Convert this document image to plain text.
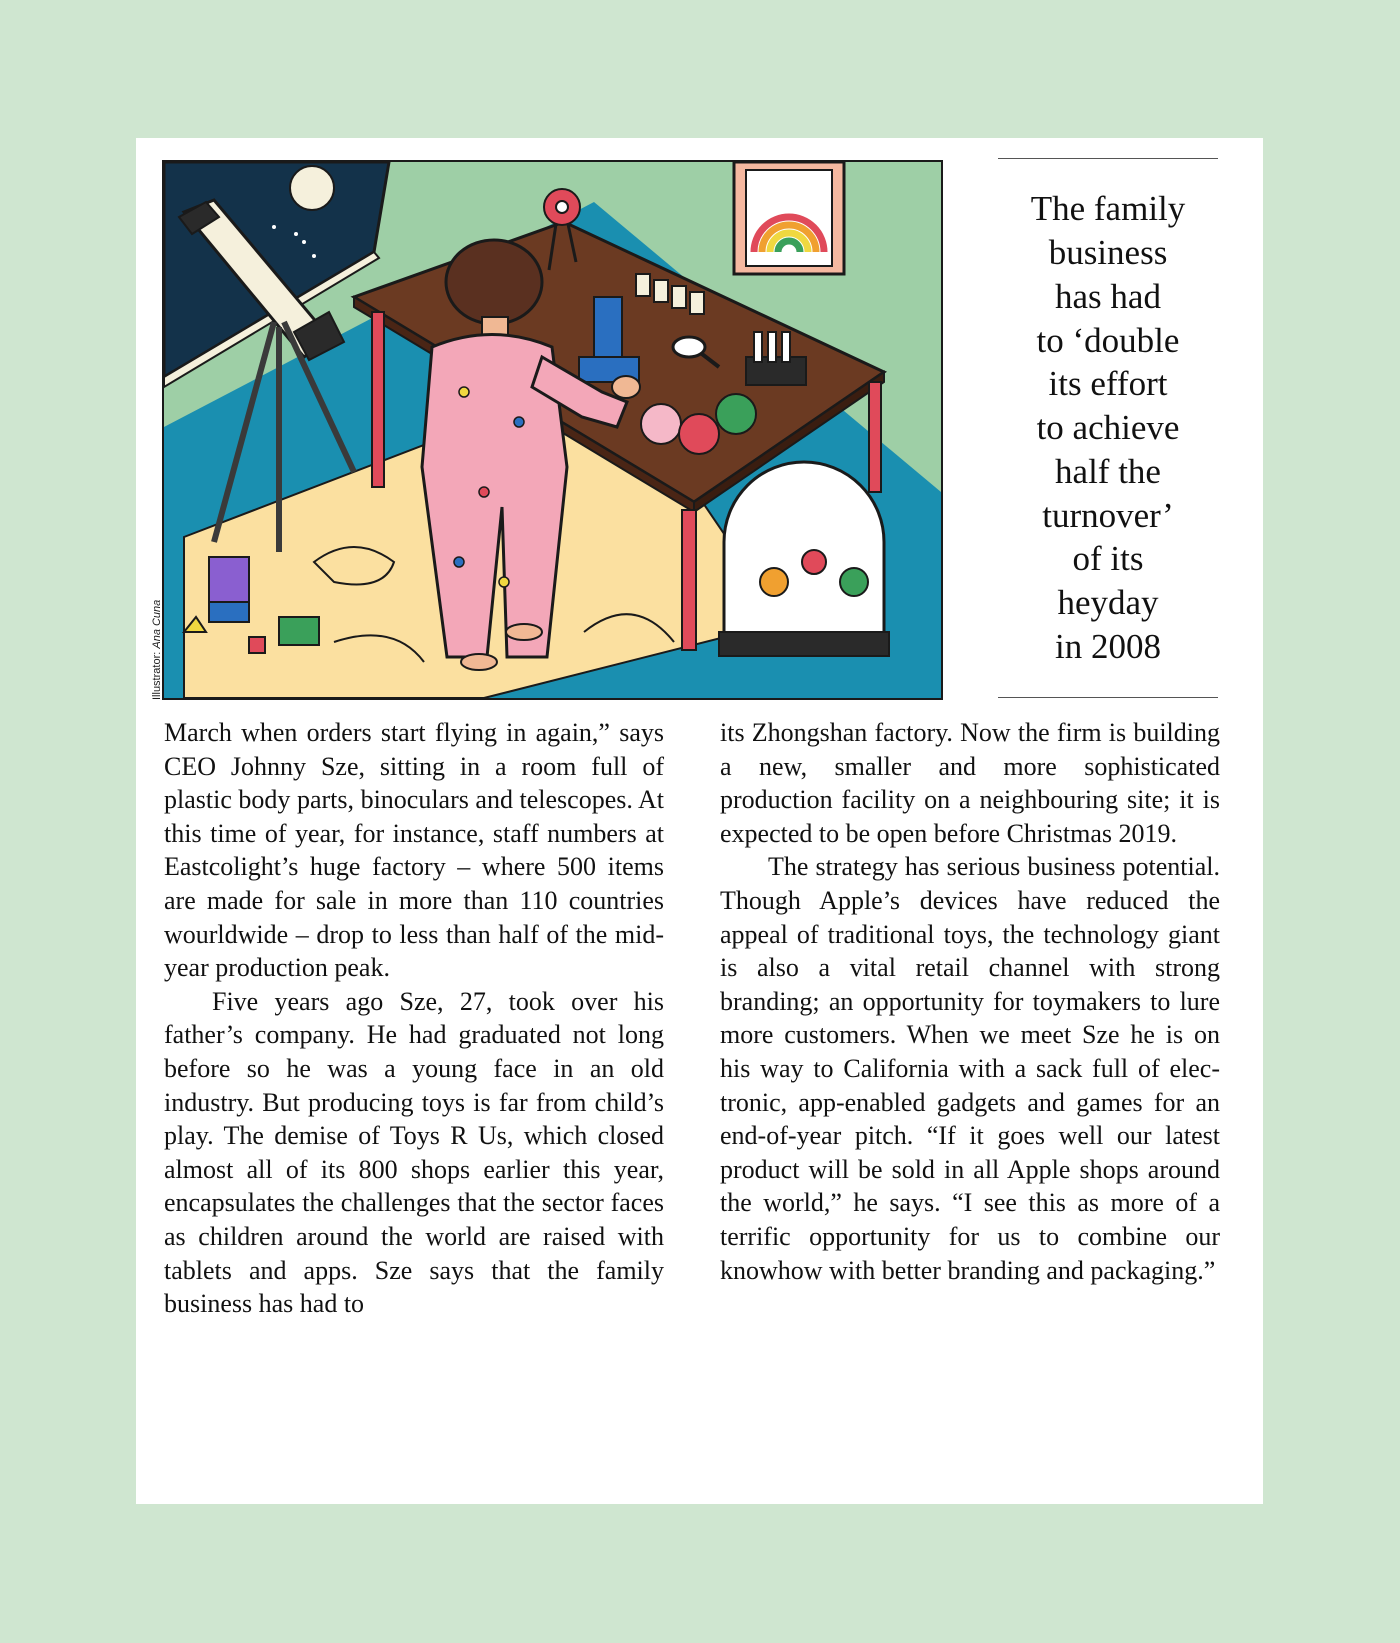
Illustrator: Ana Cuna
The family
business
has had
to ‘double
its effort
to achieve
half the
turnover’
of its
heyday
in 2008

March when orders start flying in again,” says CEO Johnny Sze, sitting in a room full of plastic body parts, binoculars and telescopes. At this time of year, for instance, staff numbers at Eastcolight’s huge factory – where 500 items are made for sale in more than 110 countries wourldwide – drop to less than half of the mid-year production peak.

Five years ago Sze, 27, took over his father’s company. He had graduated not long before so he was a young face in an old industry. But producing toys is far from child’s play. The demise of Toys R Us, which closed almost all of its 800 shops earlier this year, encapsulates the challenges that the sector faces as children around the world are raised with tablets and apps. Sze says that the family business has had to

its Zhongshan factory. Now the firm is building a new, smaller and more sophisticated production facility on a neighbouring site; it is expected to be open before Christmas 2019.

The strategy has serious business potential. Though Apple’s devices have reduced the appeal of traditional toys, the technology giant is also a vital retail channel with strong branding; an opportunity for toymakers to lure more customers. When we meet Sze he is on his way to California with a sack full of electronic, app-enabled gadgets and games for an end-of-year pitch. “If it goes well our latest product will be sold in all Apple shops around the world,” he says. “I see this as more of a terrific opportunity for us to combine our knowhow with better branding and packaging.”
